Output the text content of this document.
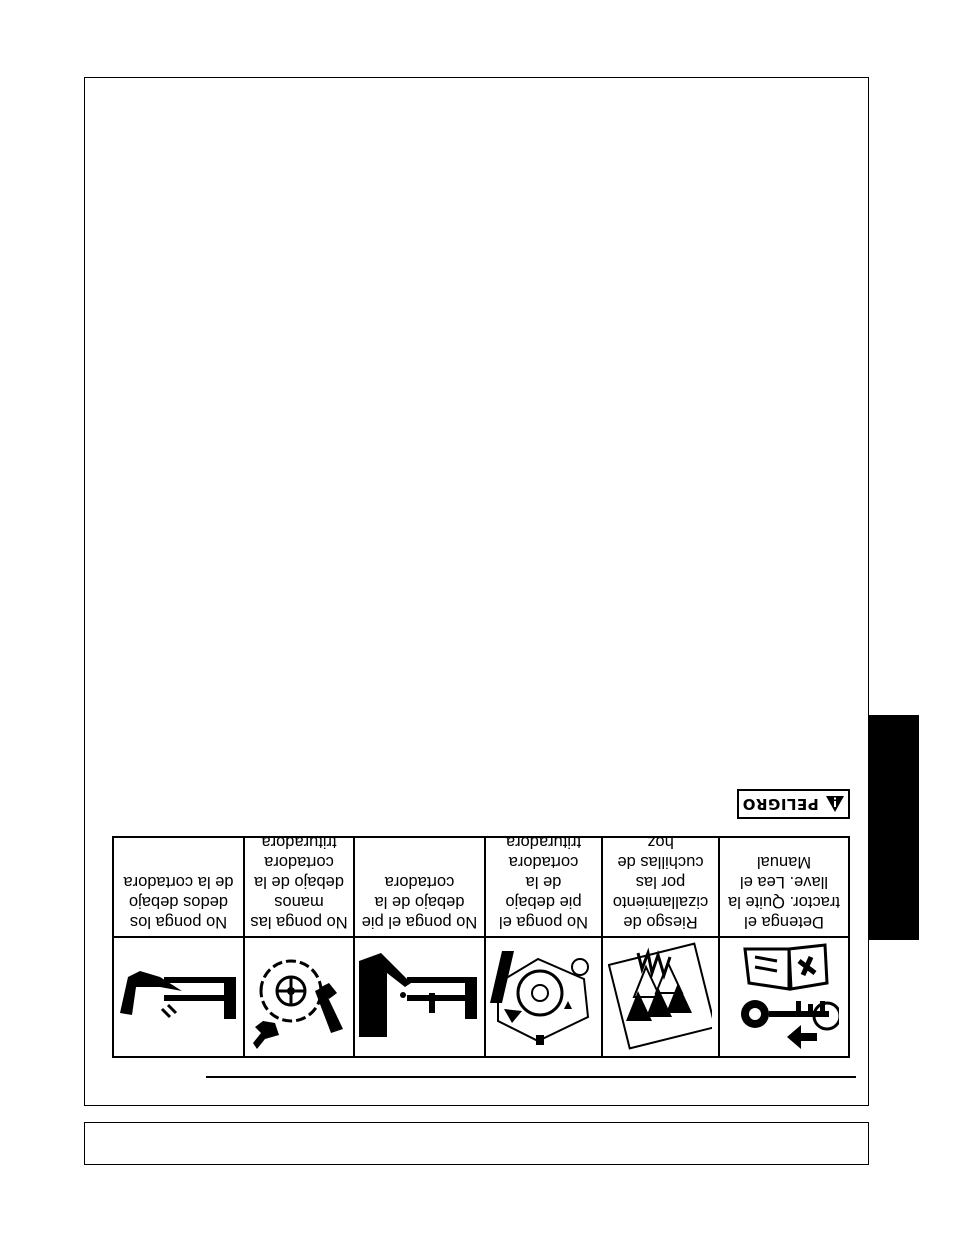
PELIGRO
Detenga el
tractor. Quite la
llave. Lea el
Manual
Riesgo de
cizallamiento
por las
cuchillas de
hoz
No ponga el
pie debajo
de la
cortadora
trituradora
No ponga el pie
debajo de la
cortadora
No ponga las
manos
debajo de la
cortadora
trituradora
No ponga los
dedos debajo
de la cortadora
